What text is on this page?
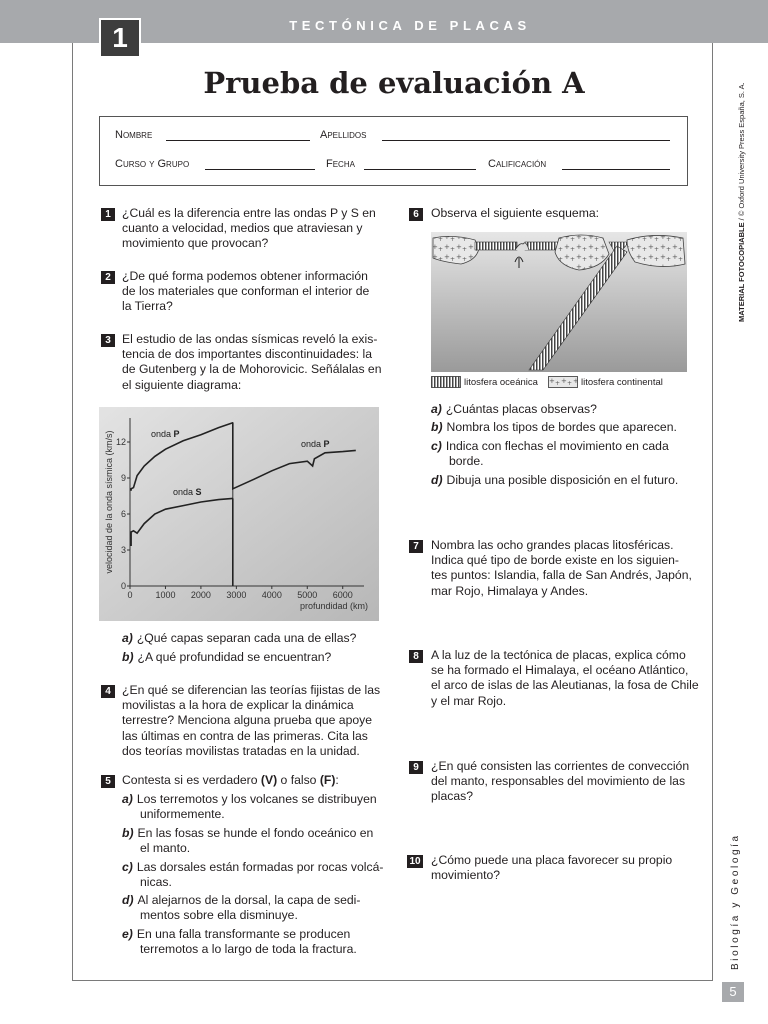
TECTÓNICA DE PLACAS
1
Prueba de evaluación A
Nombre	Apellidos
Curso y Grupo	Fecha	Calificación
1 ¿Cuál es la diferencia entre las ondas P y S en
cuanto a velocidad, medios que atraviesan y
movimiento que provocan?
2 ¿De qué forma podemos obtener información
de los materiales que conforman el interior de
la Tierra?
3 El estudio de las ondas sísmicas reveló la exis-
tencia de dos importantes discontinuidades: la
de Gutenberg y la de Mohorovicic. Señálalas en
el siguiente diagrama:
0
3
6
9
12
0	1000 2000 3000 4000 5000 6000
profundidad (km)
velocidad de la onda sísmica (km/s)	onda P
onda S
onda P
a) ¿Qué capas separan cada una de ellas?
b) ¿A qué profundidad se encuentran?
4 ¿En qué se diferencian las teorías fijistas de las
movilistas a la hora de explicar la dinámica
terrestre? Menciona alguna prueba que apoye
las últimas en contra de las primeras. Cita las
dos teorías movilistas tratadas en la unidad.
5 Contesta si es verdadero (V) o falso (F):
a) Los terremotos y los volcanes se distribuyen
uniformemente.
b) En las fosas se hunde el fondo oceánico en
el manto.
c) Las dorsales están formadas por rocas volcá-
nicas.
d) Al alejarnos de la dorsal, la capa de sedi-
mentos sobre ella disminuye.
e) En una falla transformante se producen
terremotos a lo largo de toda la fractura.
6	Observa el siguiente esquema:
litosfera oceánica	litosfera continental
a) ¿Cuántas placas observas?
b) Nombra los tipos de bordes que aparecen.
c) Indica con flechas el movimiento en cada
borde.
d) Dibuja una posible disposición en el futuro.
7	Nombra las ocho grandes placas litosféricas.
Indica qué tipo de borde existe en los siguien-
tes puntos: Islandia, falla de San Andrés, Japón,
mar Rojo, Himalaya y Andes.
8	A la luz de la tectónica de placas, explica cómo
se ha formado el Himalaya, el océano Atlántico,
el arco de islas de las Aleutianas, la fosa de Chile
y el mar Rojo.
9	¿En qué consisten las corrientes de convección
del manto, responsables del movimiento de las
placas?
10 ¿Cómo puede una placa favorecer su propio
movimiento?
MATERIAL FOTOCOPIABLE / © Oxford University Press España, S. A.
Biología y Geología
5
